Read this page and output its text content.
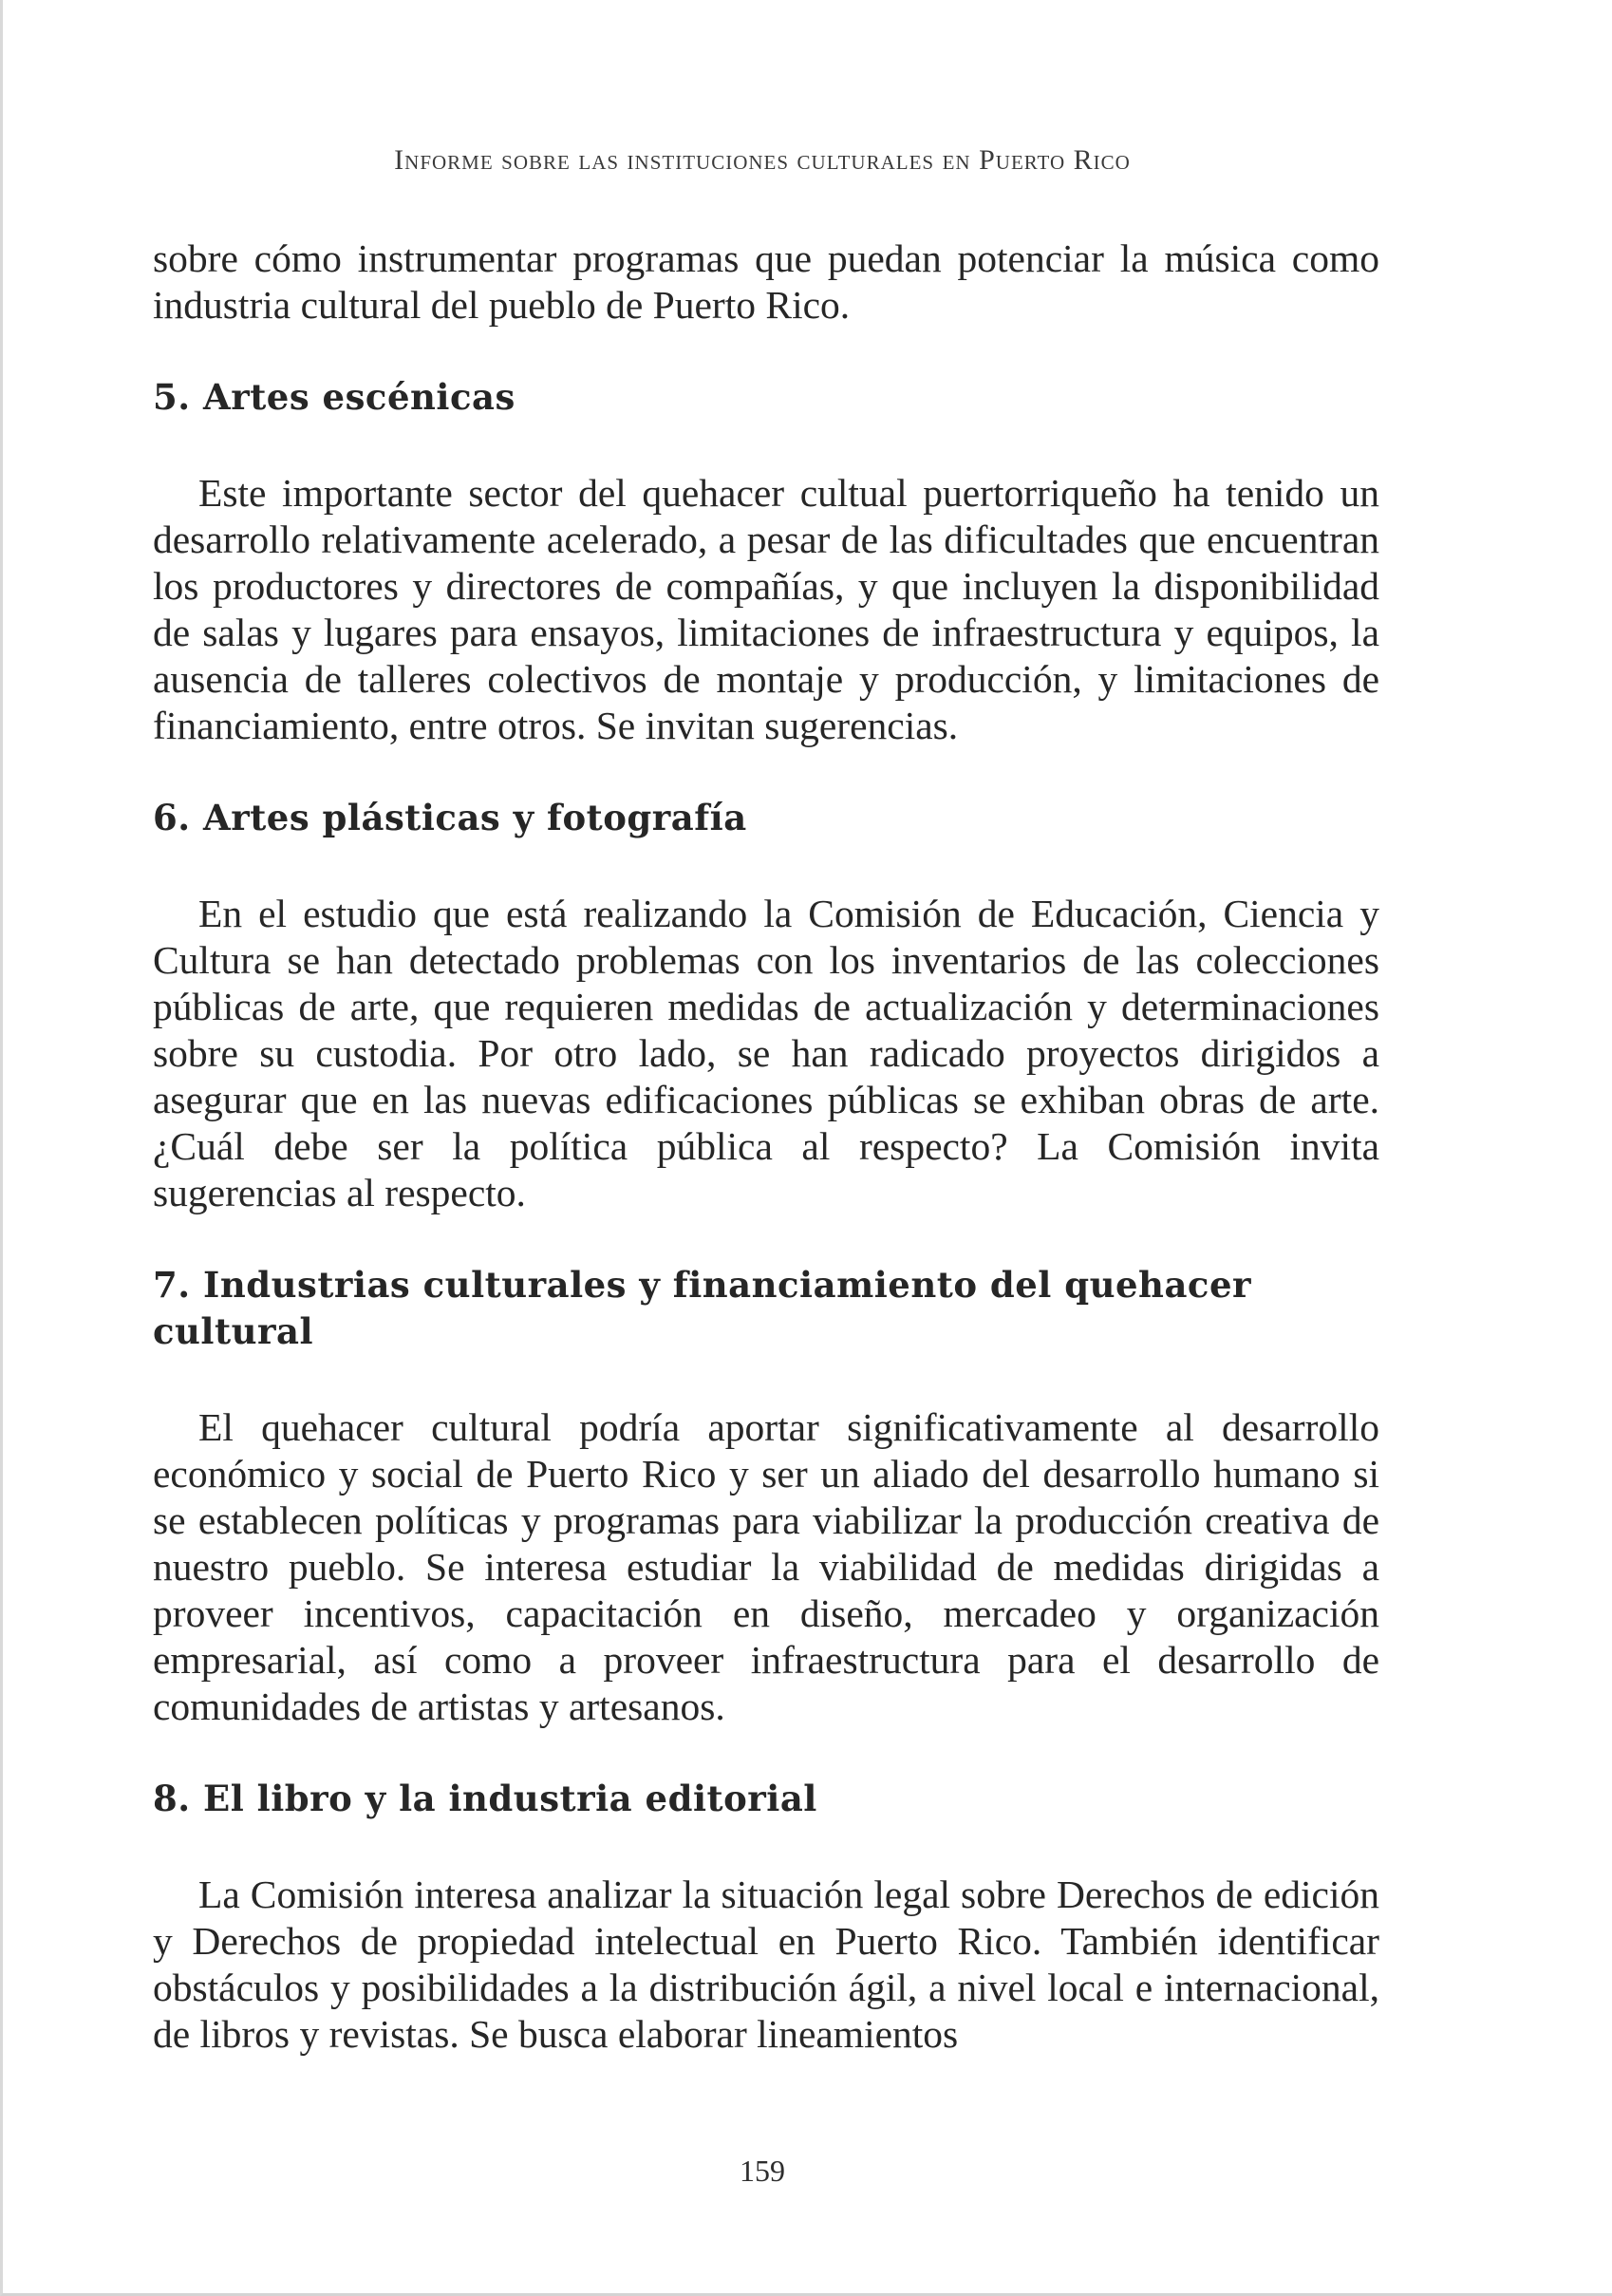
Informe sobre las instituciones culturales en Puerto Rico

sobre cómo instrumentar programas que puedan potenciar la música como industria cultural del pueblo de Puerto Rico.

5. Artes escénicas

Este importante sector del quehacer cultual puertorriqueño ha tenido un desarrollo relativamente acelerado, a pesar de las dificultades que encuentran los productores y directores de compañías, y que incluyen la disponibilidad de salas y lugares para ensayos, limitaciones de infraestructura y equipos, la ausencia de talleres colectivos de montaje y producción, y limitaciones de financiamiento, entre otros. Se invitan sugerencias.

6. Artes plásticas y fotografía

En el estudio que está realizando la Comisión de Educación, Ciencia y Cultura se han detectado problemas con los inventarios de las colecciones públicas de arte, que requieren medidas de actualización y determinaciones sobre su custodia. Por otro lado, se han radicado proyectos dirigidos a asegurar que en las nuevas edificaciones públicas se exhiban obras de arte. ¿Cuál debe ser la política pública al respecto? La Comisión invita sugerencias al respecto.

7. Industrias culturales y financiamiento del quehacer cultural

El quehacer cultural podría aportar significativamente al desarrollo económico y social de Puerto Rico y ser un aliado del desarrollo humano si se establecen políticas y programas para viabilizar la producción creativa de nuestro pueblo. Se interesa estudiar la viabilidad de medidas dirigidas a proveer incentivos, capacitación en diseño, mercadeo y organización empresarial, así como a proveer infraestructura para el desarrollo de comunidades de artistas y artesanos.

8. El libro y la industria editorial

La Comisión interesa analizar la situación legal sobre Derechos de edición y Derechos de propiedad intelectual en Puerto Rico. También identificar obstáculos y posibilidades a la distribución ágil, a nivel local e internacional, de libros y revistas. Se busca elaborar lineamientos

159
